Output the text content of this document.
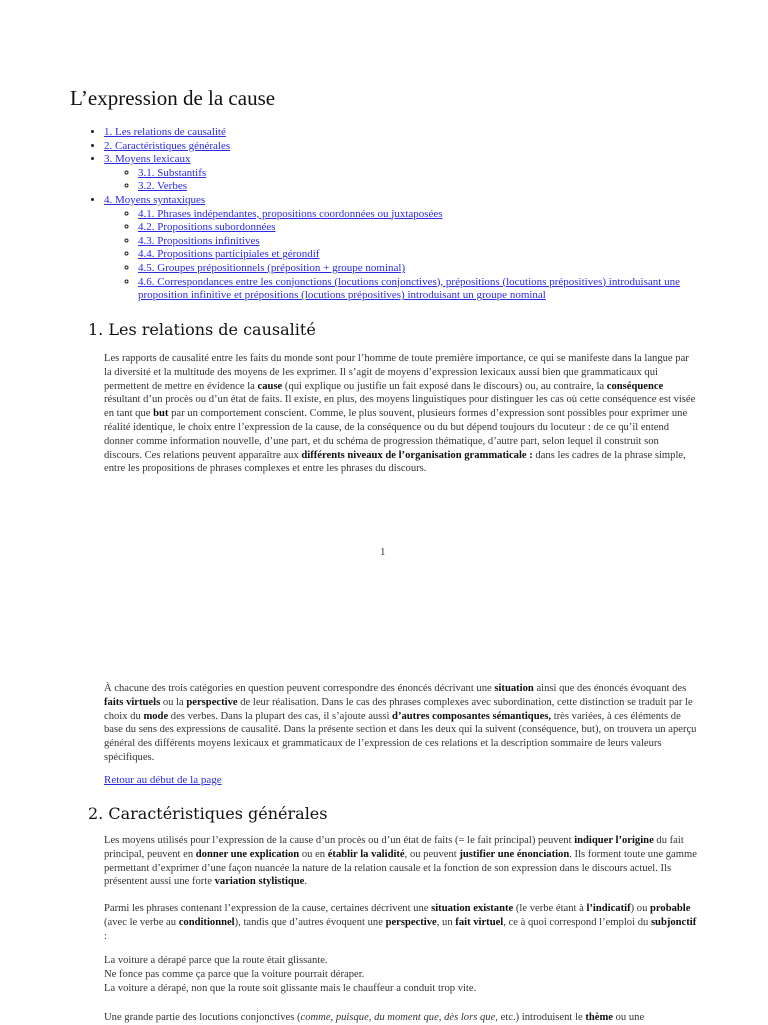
L’expression de la cause
• 1. Les relations de causalité
• 2. Caractéristiques générales
• 3. Moyens lexicaux
◦ 3.1. Substantifs
◦ 3.2. Verbes
• 4. Moyens syntaxiques
◦ 4.1. Phrases indépendantes, propositions coordonnées ou juxtaposées
◦ 4.2. Propositions subordonnées
◦ 4.3. Propositions infinitives
◦ 4.4. Propositions participiales et gérondif
◦ 4.5. Groupes prépositionnels (préposition + groupe nominal)
◦ 4.6. Correspondances entre les conjonctions (locutions conjonctives), prépositions (locutions prépositives) introduisant une proposition infinitive et prépositions (locutions prépositives) introduisant un groupe nominal
1. Les relations de causalité

Les rapports de causalité entre les faits du monde sont pour l’homme de toute première importance, ce qui se manifeste dans la langue par la diversité et la multitude des moyens de les exprimer. Il s’agit de moyens d’expression lexicaux aussi bien que grammaticaux qui permettent de mettre en évidence la cause (qui explique ou justifie un fait exposé dans le discours) ou, au contraire, la conséquence résultant d’un procès ou d’un état de faits. Il existe, en plus, des moyens linguistiques pour distinguer les cas où cette conséquence est visée en tant que but par un comportement conscient. Comme, le plus souvent, plusieurs formes d’expression sont possibles pour exprimer une réalité identique, le choix entre l’expression de la cause, de la conséquence ou du but dépend toujours du locuteur : de ce qu’il entend donner comme information nouvelle, d’une part, et du schéma de progression thématique, d’autre part, selon lequel il construit son discours. Ces relations peuvent apparaître aux différents niveaux de l’organisation grammaticale : dans les cadres de la phrase simple, entre les propositions de phrases complexes et entre les phrases du discours.

1

À chacune des trois catégories en question peuvent correspondre des énoncés décrivant une situation ainsi que des énoncés évoquant des faits virtuels ou la perspective de leur réalisation. Dans le cas des phrases complexes avec subordination, cette distinction se traduit par le choix du mode des verbes. Dans la plupart des cas, il s’ajoute aussi d’autres composantes sémantiques, très variées, à ces éléments de base du sens des expressions de causalité. Dans la présente section et dans les deux qui la suivent (conséquence, but), on trouvera un aperçu général des différents moyens lexicaux et grammaticaux de l’expression de ces relations et la description sommaire de leurs valeurs spécifiques.

Retour au début de la page
2. Caractéristiques générales

Les moyens utilisés pour l’expression de la cause d’un procès ou d’un état de faits (= le fait principal) peuvent indiquer l’origine du fait principal, peuvent en donner une explication ou en établir la validité, ou peuvent justifier une énonciation. Ils forment toute une gamme permettant d’exprimer d’une façon nuancée la nature de la relation causale et la fonction de son expression dans le discours actuel. Ils présentent aussi une forte variation stylistique.

Parmi les phrases contenant l’expression de la cause, certaines décrivent une situation existante (le verbe étant à l’indicatif) ou probable (avec le verbe au conditionnel), tandis que d’autres évoquent une perspective, un fait virtuel, ce à quoi correspond l’emploi du subjonctif :

La voiture a dérapé parce que la route était glissante.
Ne fonce pas comme ça parce que la voiture pourrait déraper.
La voiture a dérapé, non que la route soit glissante mais le chauffeur a conduit trop vite.

Une grande partie des locutions conjonctives (comme, puisque, du moment que, dès lors que, etc.) introduisent le thème ou une
